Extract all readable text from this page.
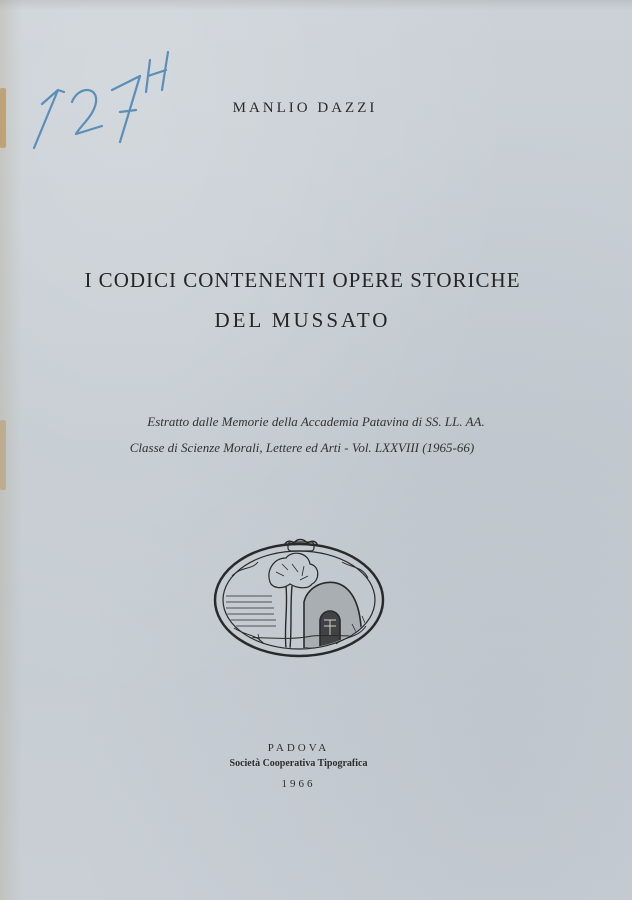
MANLIO DAZZI
I CODICI CONTENENTI OPERE STORICHE
DEL MUSSATO
Estratto dalle Memorie della Accademia Patavina di SS. LL. AA.
Classe di Scienze Morali, Lettere ed Arti - Vol. LXXVIII (1965-66)
PADOVA
Società Cooperativa Tipografica
1966
